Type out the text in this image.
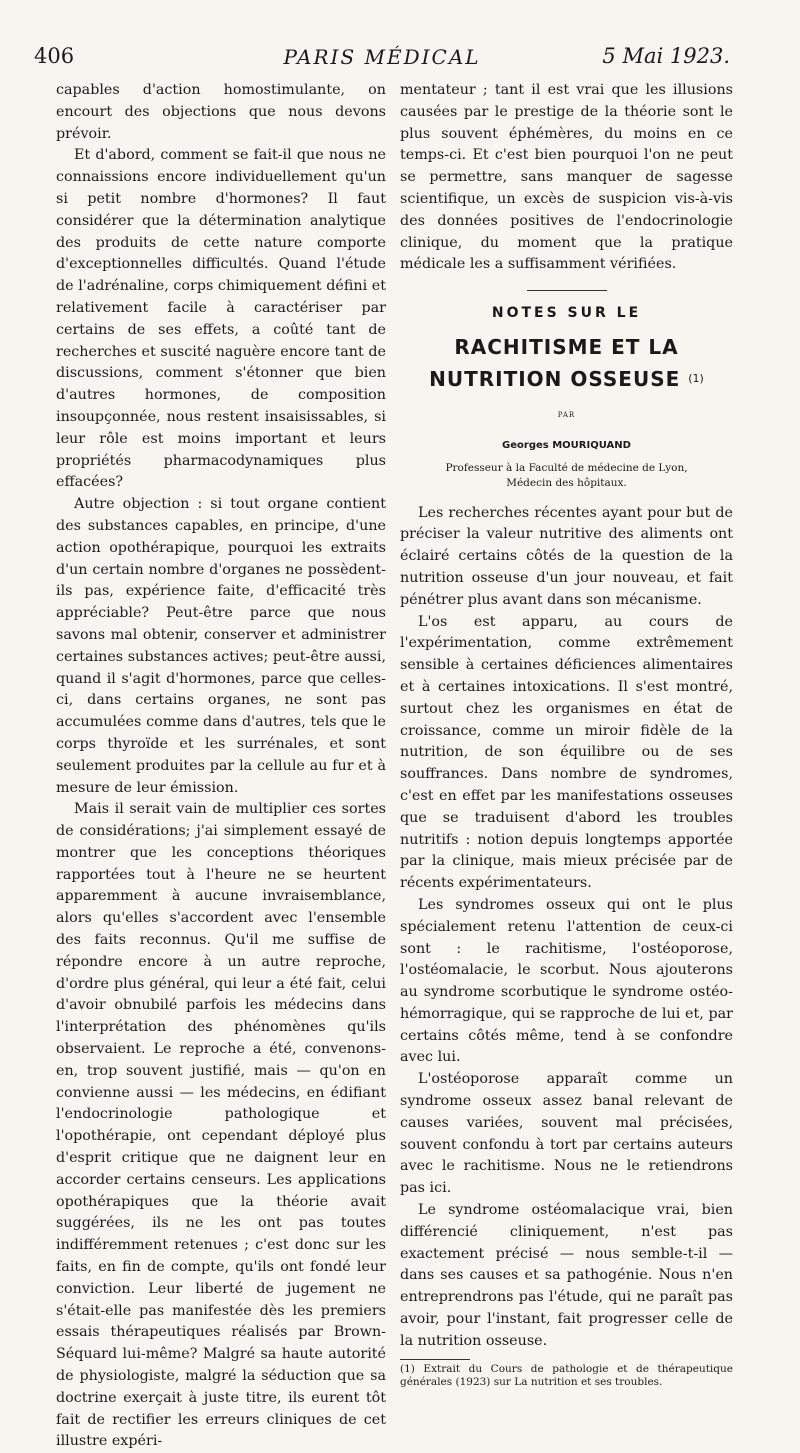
406	PARIS MÉDICAL	5 Mai 1923.

capables d'action homostimulante, on encourt des objections que nous devons prévoir.

Et d'abord, comment se fait-il que nous ne connaissions encore individuellement qu'un si petit nombre d'hormones? Il faut considérer que la détermination analytique des produits de cette nature comporte d'exceptionnelles difficultés. Quand l'étude de l'adrénaline, corps chimiquement défini et relativement facile à caractériser par certains de ses effets, a coûté tant de recherches et suscité naguère encore tant de discussions, comment s'étonner que bien d'autres hormones, de composition insoupçonnée, nous restent insaisissables, si leur rôle est moins important et leurs propriétés pharmacodynamiques plus effacées?

Autre objection : si tout organe contient des substances capables, en principe, d'une action opothérapique, pourquoi les extraits d'un certain nombre d'organes ne possèdent-ils pas, expérience faite, d'efficacité très appréciable? Peut-être parce que nous savons mal obtenir, conserver et administrer certaines substances actives; peut-être aussi, quand il s'agit d'hormones, parce que celles-ci, dans certains organes, ne sont pas accumulées comme dans d'autres, tels que le corps thyroïde et les surrénales, et sont seulement produites par la cellule au fur et à mesure de leur émission.

Mais il serait vain de multiplier ces sortes de considérations; j'ai simplement essayé de montrer que les conceptions théoriques rapportées tout à l'heure ne se heurtent apparemment à aucune invraisemblance, alors qu'elles s'accordent avec l'ensemble des faits reconnus. Qu'il me suffise de répondre encore à un autre reproche, d'ordre plus général, qui leur a été fait, celui d'avoir obnubilé parfois les médecins dans l'interprétation des phénomènes qu'ils observaient. Le reproche a été, convenons-en, trop souvent justifié, mais — qu'on en convienne aussi — les médecins, en édifiant l'endocrinologie pathologique et l'opothérapie, ont cependant déployé plus d'esprit critique que ne daignent leur en accorder certains censeurs. Les applications opothérapiques que la théorie avait suggérées, ils ne les ont pas toutes indifféremment retenues ; c'est donc sur les faits, en fin de compte, qu'ils ont fondé leur conviction. Leur liberté de jugement ne s'était-elle pas manifestée dès les premiers essais thérapeutiques réalisés par Brown-Séquard lui-même? Malgré sa haute autorité de physiologiste, malgré la séduction que sa doctrine exerçait à juste titre, ils eurent tôt fait de rectifier les erreurs cliniques de cet illustre expéri-

mentateur ; tant il est vrai que les illusions causées par le prestige de la théorie sont le plus souvent éphémères, du moins en ce temps-ci. Et c'est bien pourquoi l'on ne peut se permettre, sans manquer de sagesse scientifique, un excès de suspicion vis-à-vis des données positives de l'endocrinologie clinique, du moment que la pratique médicale les a suffisamment vérifiées.

NOTES SUR LE
RACHITISME ET LA
NUTRITION OSSEUSE $^{(1)}$
PAR
Georges MOURIQUAND
Professeur à la Faculté de médecine de Lyon,
Médecin des hôpitaux.

Les recherches récentes ayant pour but de préciser la valeur nutritive des aliments ont éclairé certains côtés de la question de la nutrition osseuse d'un jour nouveau, et fait pénétrer plus avant dans son mécanisme.

L'os est apparu, au cours de l'expérimentation, comme extrêmement sensible à certaines déficiences alimentaires et à certaines intoxications. Il s'est montré, surtout chez les organismes en état de croissance, comme un miroir fidèle de la nutrition, de son équilibre ou de ses souffrances. Dans nombre de syndromes, c'est en effet par les manifestations osseuses que se traduisent d'abord les troubles nutritifs : notion depuis longtemps apportée par la clinique, mais mieux précisée par de récents expérimentateurs.

Les syndromes osseux qui ont le plus spécialement retenu l'attention de ceux-ci sont : le rachitisme, l'ostéoporose, l'ostéomalacie, le scorbut. Nous ajouterons au syndrome scorbutique le syndrome ostéo-hémorragique, qui se rapproche de lui et, par certains côtés même, tend à se confondre avec lui.

L'ostéoporose apparaît comme un syndrome osseux assez banal relevant de causes variées, souvent mal précisées, souvent confondu à tort par certains auteurs avec le rachitisme. Nous ne le retiendrons pas ici.

Le syndrome ostéomalacique vrai, bien différencié cliniquement, n'est pas exactement précisé — nous semble-t-il — dans ses causes et sa pathogénie. Nous n'en entreprendrons pas l'étude, qui ne paraît pas avoir, pour l'instant, fait progresser celle de la nutrition osseuse.

(1) Extrait du Cours de pathologie et de thérapeutique générales (1923) sur La nutrition et ses troubles.
